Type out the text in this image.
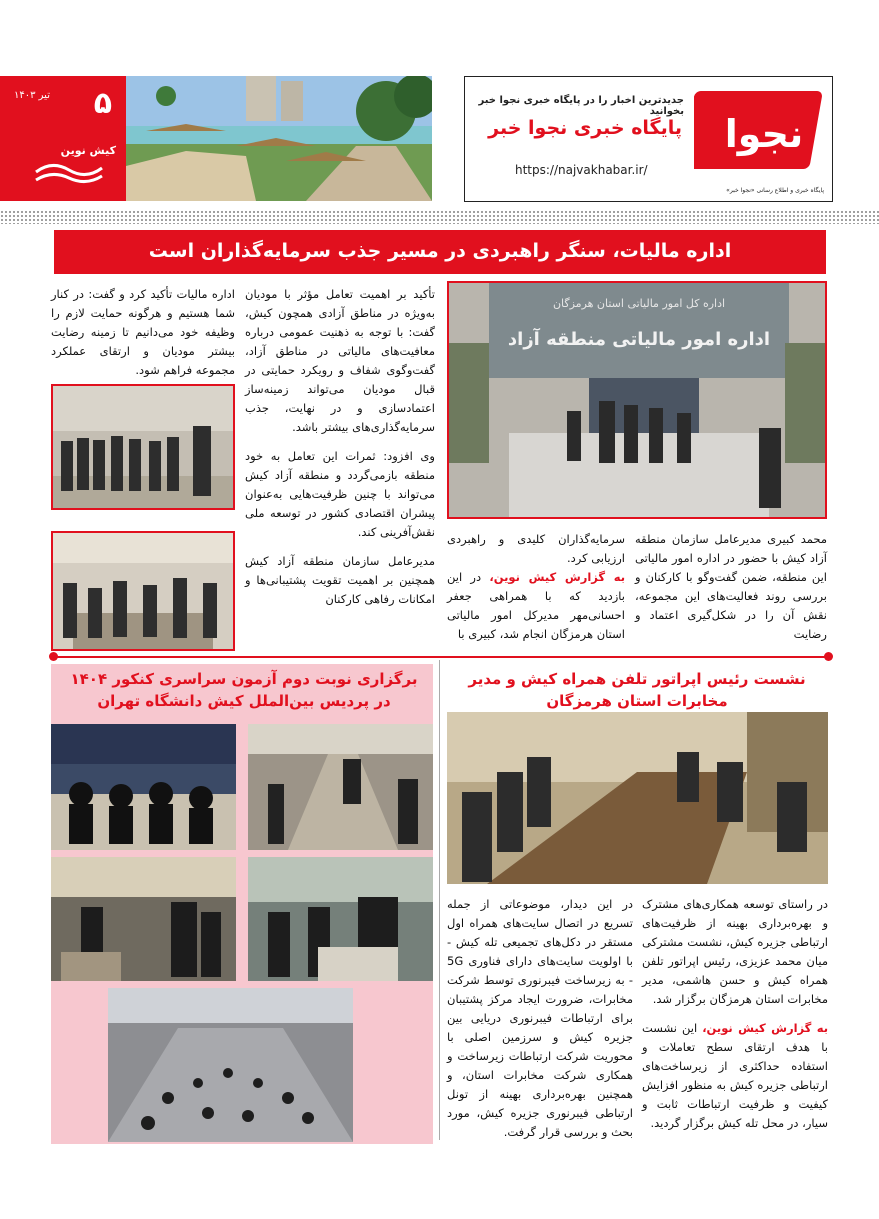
۵
تیر ۱۴۰۳
کیش نوین
جدیدترین اخبار را در پایگاه خبری نجوا خبر بخوانید
پایگاه خبری نجوا خبر
https://najvakhabar.ir/
نجوا
پایگاه خبری و اطلاع رسانی «نجوا خبر»
اداره مالیات، سنگر راهبردی در مسیر جذب سرمایه‌گذاران است
اداره کل امور مالیاتی استان هرمزگان
اداره امور مالیاتی منطقه آزاد

محمد کبیری مدیرعامل سازمان منطقه آزاد کیش با حضور در اداره امور مالیاتی این منطقه، ضمن گفت‌وگو با کارکنان و بررسی روند فعالیت‌های این مجموعه، نقش آن را در شکل‌گیری اعتماد و رضایت

سرمایه‌گذاران کلیدی و راهبردی ارزیابی کرد.
به گزارش کیش نوین، در این بازدید که با همراهی جعفر احسانی‌مهر مدیرکل امور مالیاتی استان هرمزگان انجام شد، کبیری با

تأکید بر اهمیت تعامل مؤثر با مودیان به‌ویژه در مناطق آزادی همچون کیش، گفت: با توجه به ذهنیت عمومی درباره معافیت‌های مالیاتی در مناطق آزاد، گفت‌وگوی شفاف و رویکرد حمایتی در قبال مودیان می‌تواند زمینه‌ساز اعتمادسازی و در نهایت، جذب سرمایه‌گذاری‌های بیشتر باشد.

وی افزود: ثمرات این تعامل به خود منطقه بازمی‌گردد و منطقه آزاد کیش می‌تواند با چنین ظرفیت‌هایی به‌عنوان پیشران اقتصادی کشور در توسعه ملی نقش‌آفرینی کند.

مدیرعامل سازمان منطقه آزاد کیش همچنین بر اهمیت تقویت پشتیبانی‌ها و امکانات رفاهی کارکنان

اداره مالیات تأکید کرد و گفت: در کنار شما هستیم و هرگونه حمایت لازم را وظیفه خود می‌دانیم تا زمینه رضایت بیشتر مودیان و ارتقای عملکرد مجموعه فراهم شود.

برگزاری نوبت دوم آزمون سراسری کنکور ۱۴۰۴ در پردیس بین‌الملل کیش دانشگاه تهران
نشست رئیس اپراتور تلفن همراه کیش و مدیر مخابرات استان هرمزگان

در راستای توسعه همکاری‌های مشترک و بهره‌برداری بهینه از ظرفیت‌های ارتباطی جزیره کیش، نشست مشترکی میان محمد عزیزی، رئیس اپراتور تلفن همراه کیش و حسن هاشمی، مدیر مخابرات استان هرمزگان برگزار شد.

به گزارش کیش نوین، این نشست با هدف ارتقای سطح تعاملات و استفاده حداکثری از زیرساخت‌های ارتباطی جزیره کیش به منظور افزایش کیفیت و ظرفیت ارتباطات ثابت و سیار، در محل تله کیش برگزار گردید.

در این دیدار، موضوعاتی از جمله تسریع در اتصال سایت‌های همراه اول مستقر در دکل‌های تجمیعی تله کیش - با اولویت سایت‌های دارای فناوری 5G - به زیرساخت فیبرنوری توسط شرکت مخابرات، ضرورت ایجاد مرکز پشتیبان برای ارتباطات فیبرنوری دریایی بین جزیره کیش و سرزمین اصلی با محوریت شرکت ارتباطات زیرساخت و همکاری شرکت مخابرات استان، و همچنین بهره‌برداری بهینه از تونل ارتباطی فیبرنوری جزیره کیش، مورد بحث و بررسی قرار گرفت.
